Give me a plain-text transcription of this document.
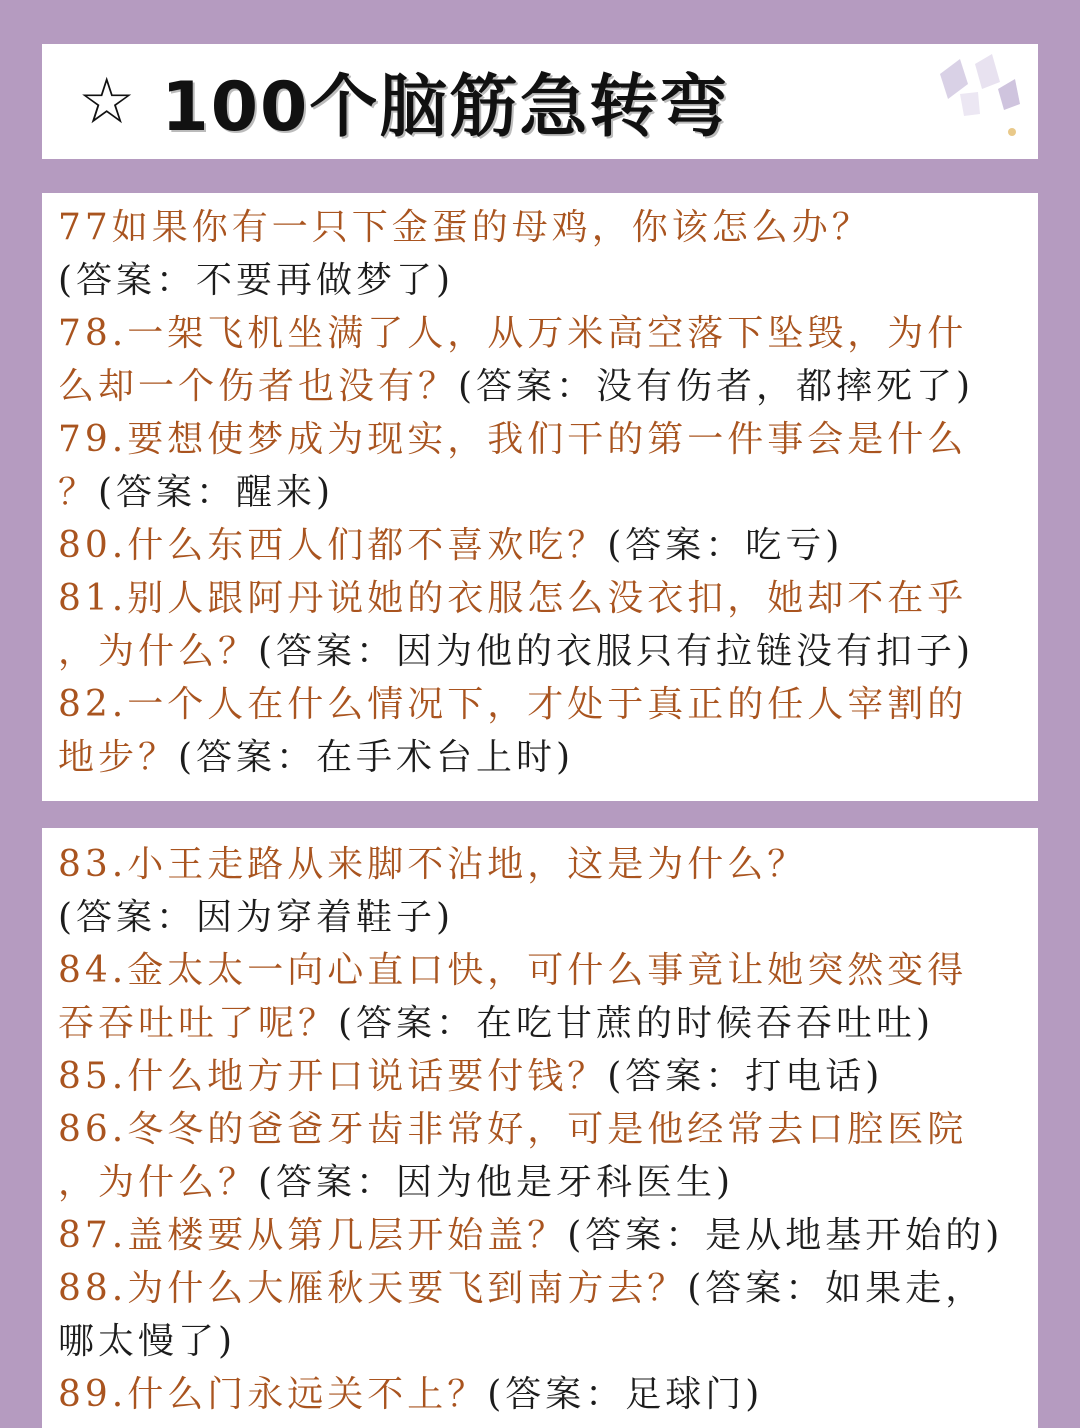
☆ 100个脑筋急转弯
77如果你有一只下金蛋的母鸡，你该怎么办？
(答案：不要再做梦了)
78.一架飞机坐满了人，从万米高空落下坠毁，为什
么却一个伤者也没有？(答案：没有伤者，都摔死了)
79.要想使梦成为现实，我们干的第一件事会是什么
？(答案：醒来)
80.什么东西人们都不喜欢吃？(答案：吃亏)
81.别人跟阿丹说她的衣服怎么没衣扣，她却不在乎
，为什么？(答案：因为他的衣服只有拉链没有扣子)
82.一个人在什么情况下，才处于真正的任人宰割的
地步？(答案：在手术台上时)
83.小王走路从来脚不沾地，这是为什么？
(答案：因为穿着鞋子)
84.金太太一向心直口快，可什么事竟让她突然变得
吞吞吐吐了呢？(答案：在吃甘蔗的时候吞吞吐吐)
85.什么地方开口说话要付钱？(答案：打电话)
86.冬冬的爸爸牙齿非常好，可是他经常去口腔医院
，为什么？(答案：因为他是牙科医生)
87.盖楼要从第几层开始盖？(答案：是从地基开始的)
88.为什么大雁秋天要飞到南方去？(答案：如果走，
哪太慢了)
89.什么门永远关不上？(答案：足球门)
